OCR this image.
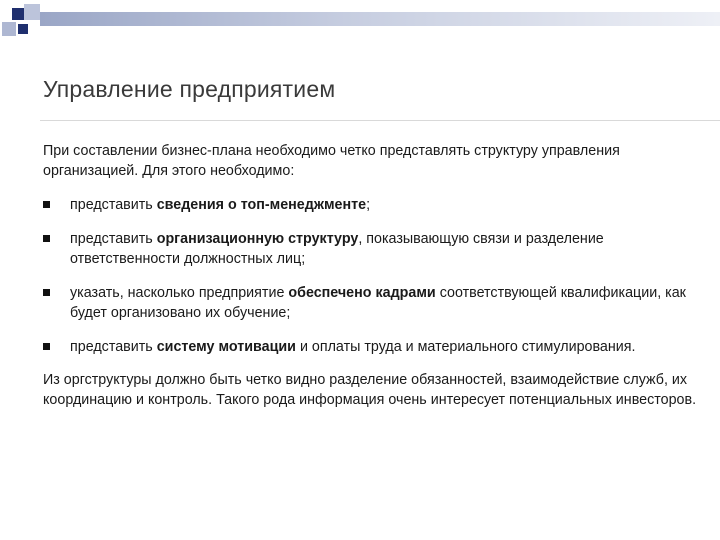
Управление предприятием

При составлении бизнес-плана необходимо четко представлять структуру управления организацией. Для этого необходимо:

представить сведения о топ-менеджменте;
представить организационную структуру, показывающую связи и разделение ответственности должностных лиц;
указать, насколько предприятие обеспечено кадрами соответствующей квалификации, как будет организовано их обучение;
представить систему мотивации и оплаты труда и материального стимулирования.

Из оргструктуры должно быть четко видно разделение обязанностей, взаимодействие служб, их координацию и контроль. Такого рода информация очень интересует потенциальных инвесторов.
